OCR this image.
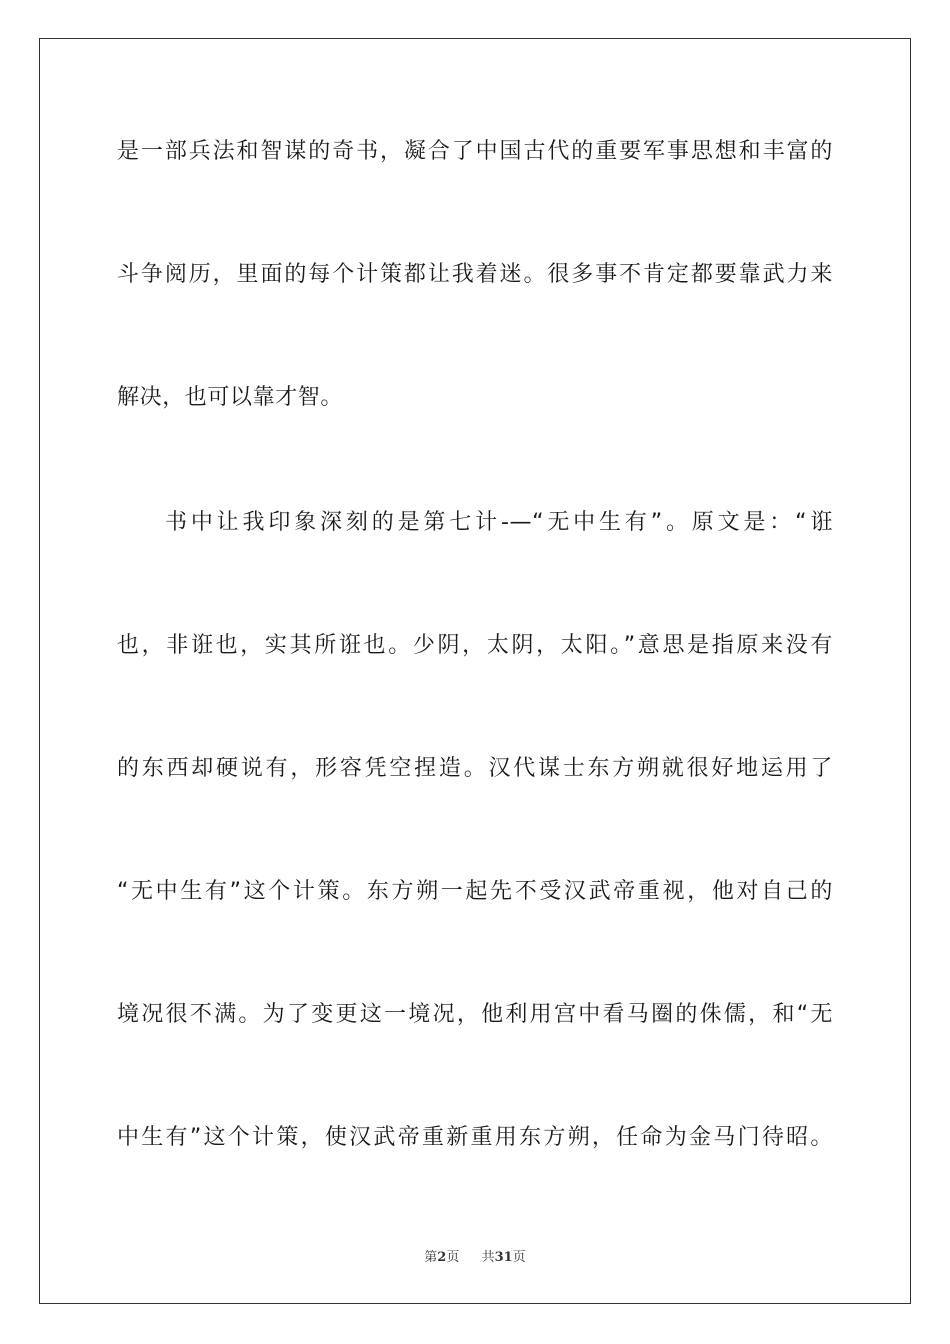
是一部兵法和智谋的奇书，凝合了中国古代的重要军事思想和丰富的
斗争阅历，里面的每个计策都让我着迷。很多事不肯定都要靠武力来
解决，也可以靠才智。
书中让我印象深刻的是第七计-—“无中生有”。原文是：“诳
也，非诳也，实其所诳也。少阴，太阴，太阳。”意思是指原来没有
的东西却硬说有，形容凭空捏造。汉代谋士东方朔就很好地运用了
“无中生有”这个计策。东方朔一起先不受汉武帝重视，他对自己的
境况很不满。为了变更这一境况，他利用宫中看马圈的侏儒，和“无
中生有”这个计策，使汉武帝重新重用东方朔，任命为金马门待昭。
第2页 共31页
